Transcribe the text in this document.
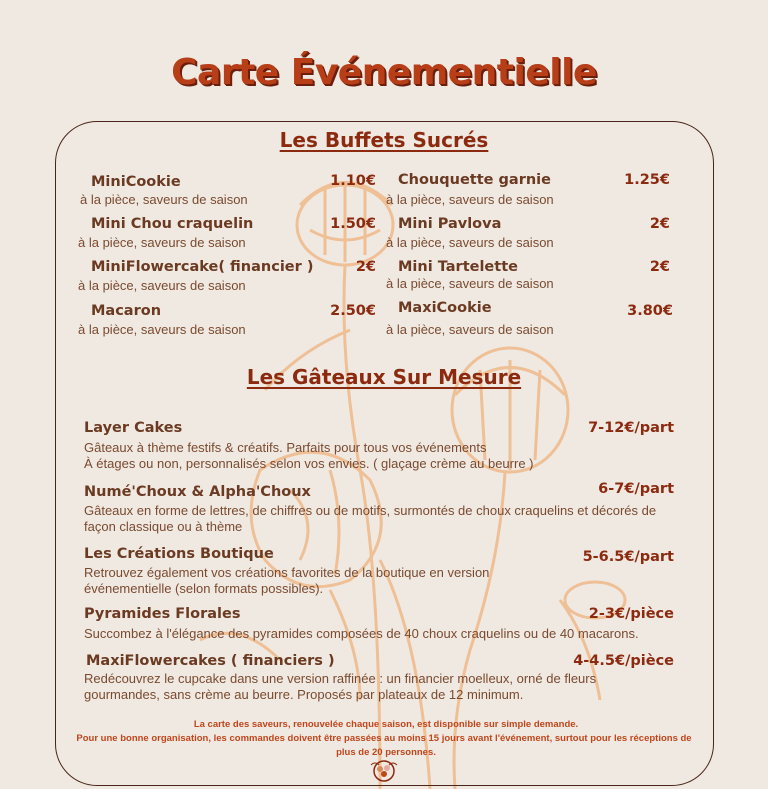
Carte Événementielle
Les Buffets Sucrés
MiniCookie	1.10€
à la pièce, saveurs de saison
Mini Chou craquelin	1.50€
à la pièce, saveurs de saison
MiniFlowercake( financier )	2€
à la pièce, saveurs de saison
Macaron	2.50€
à la pièce, saveurs de saison
Chouquette garnie	1.25€
à la pièce, saveurs de saison
Mini Pavlova	2€
à la pièce, saveurs de saison
Mini Tartelette	2€
à la pièce, saveurs de saison
MaxiCookie	3.80€
à la pièce, saveurs de saison
Les Gâteaux Sur Mesure
Layer Cakes	7-12€/part
Gâteaux à thème festifs & créatifs. Parfaits pour tous vos événements
À étages ou non, personnalisés selon vos envies. ( glaçage crème au beurre )
Numé'Choux & Alpha'Choux	6-7€/part
Gâteaux en forme de lettres, de chiffres ou de motifs, surmontés de choux craquelins et décorés de
façon classique ou à thème
Les Créations Boutique	5-6.5€/part
Retrouvez également vos créations favorites de la boutique en version
événementielle (selon formats possibles).
Pyramides Florales	2-3€/pièce
Succombez à l'élégance des pyramides composées de 40 choux craquelins ou de 40 macarons.
MaxiFlowercakes ( financiers )	4-4.5€/pièce
Redécouvrez le cupcake dans une version raffinée : un financier moelleux, orné de fleurs
gourmandes, sans crème au beurre. Proposés par plateaux de 12 minimum.
La carte des saveurs, renouvelée chaque saison, est disponible sur simple demande.
Pour une bonne organisation, les commandes doivent être passées au moins 15 jours avant l'événement, surtout pour les réceptions de
plus de 20 personnes.
